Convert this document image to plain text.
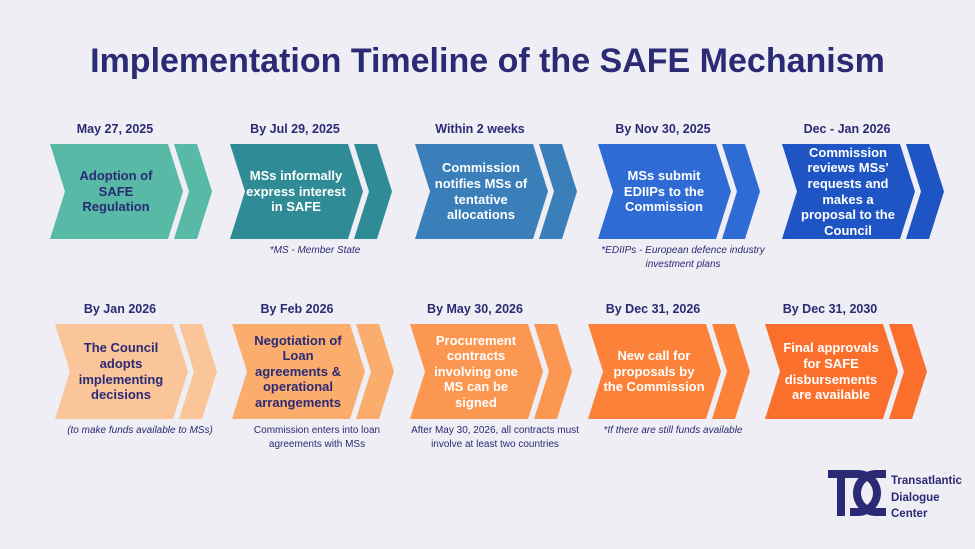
Implementation Timeline of the SAFE Mechanism
May 27, 2025
Adoption of SAFE Regulation
By Jul 29, 2025
MSs informally express interest in SAFE
*MS - Member State
Within 2 weeks
Commission notifies MSs of tentative allocations
By Nov 30, 2025
MSs submit EDIIPs to the Commission
*EDIIPs - European defence industry investment plans
Dec - Jan 2026
Commission reviews MSs' requests and makes a proposal to the Council
By Jan 2026
The Council adopts implementing decisions
(to make funds available to MSs)
By Feb 2026
Negotiation of Loan agreements & operational arrangements
Commission enters into loan agreements with MSs
By May 30, 2026
Procurement contracts involving one MS can be signed
After May 30, 2026, all contracts must involve at least two countries
By Dec 31, 2026
New call for proposals by the Commission
*If there are still funds available
By Dec 31, 2030
Final approvals for SAFE disbursements are available
Transatlantic
Dialogue
Center
